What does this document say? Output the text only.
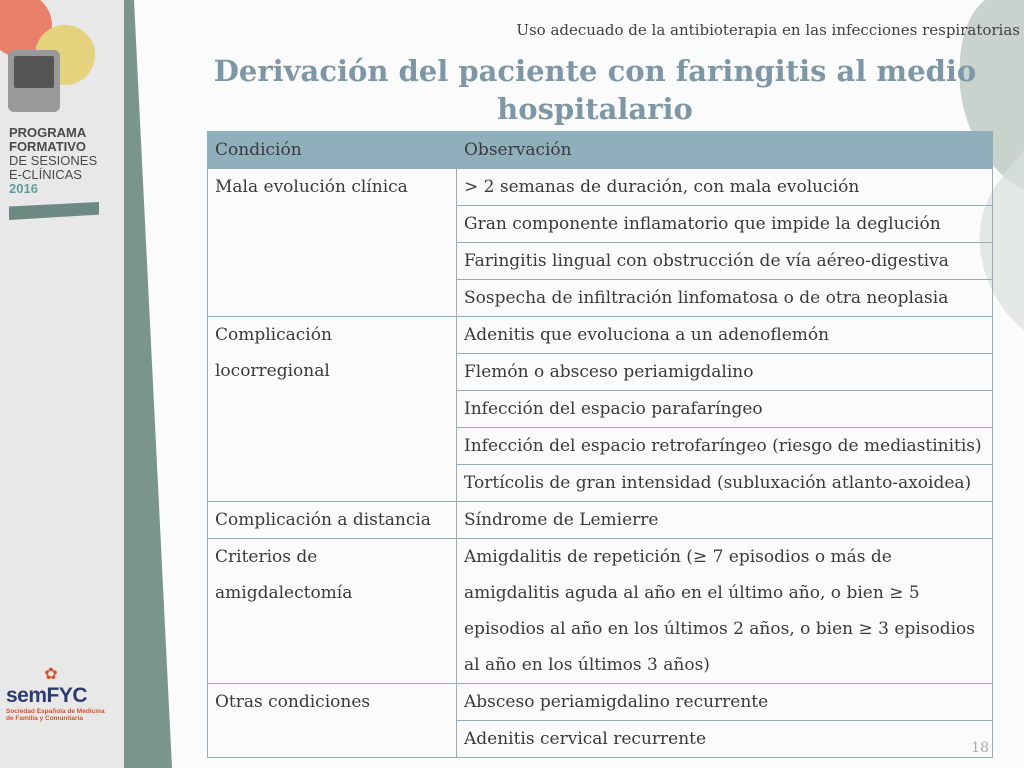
PROGRAMA
FORMATIVO
DE SESIONES
E-CLÍNICAS
2016
✿
semFYC
Sociedad Española de Medicina
de Familia y Comunitaria
Uso adecuado de la antibioterapia en las infecciones respiratorias
Derivación del paciente con faringitis al medio hospitalario
Condición	Observación
Mala evolución clínica	> 2 semanas de duración, con mala evolución
	Gran componente inflamatorio que impide la deglución
	Faringitis lingual con obstrucción de vía aéreo-digestiva
	Sospecha de infiltración linfomatosa o de otra neoplasia
Complicación locorregional	Adenitis que evoluciona a un adenoflemón
	Flemón o absceso periamigdalino
	Infección del espacio parafaríngeo
	Infección del espacio retrofaríngeo (riesgo de mediastinitis)
	Tortícolis de gran intensidad (subluxación atlanto-axoidea)
Complicación a distancia	Síndrome de Lemierre
Criterios de amigdalectomía	Amigdalitis de repetición (≥ 7 episodios o más de amigdalitis aguda al año en el último año, o bien ≥ 5 episodios al año en los últimos 2 años, o bien ≥ 3 episodios al año en los últimos 3 años)
Otras condiciones	Absceso periamigdalino recurrente
	Adenitis cervical recurrente	18
